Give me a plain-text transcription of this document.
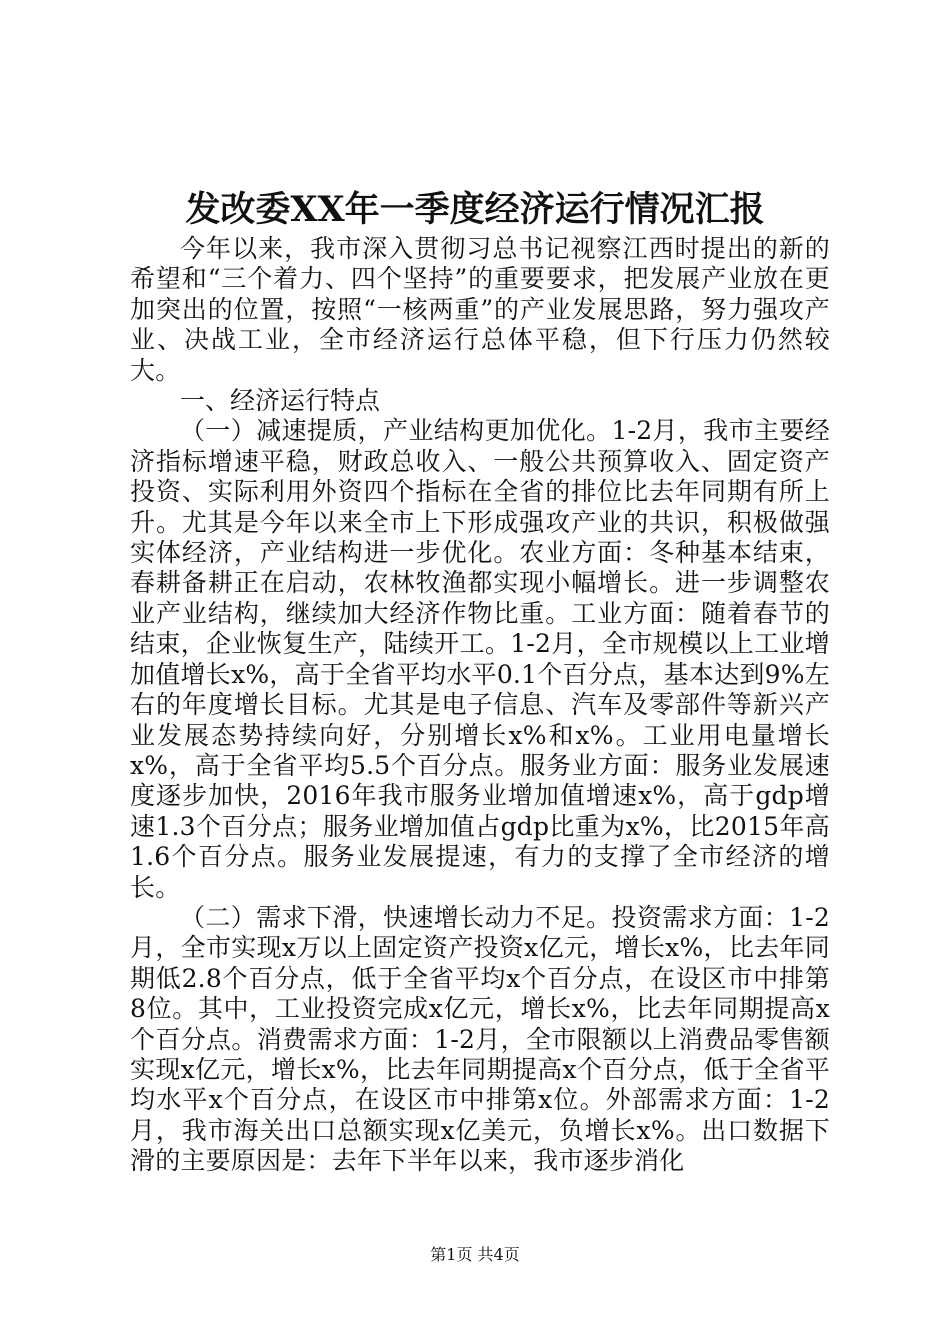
发改委XX年一季度经济运行情况汇报

今年以来，我市深入贯彻习总书记视察江西时提出的新的希望和“三个着力、四个坚持”的重要要求，把发展产业放在更加突出的位置，按照“一核两重”的产业发展思路，努力强攻产业、决战工业，全市经济运行总体平稳，但下行压力仍然较大。

一、经济运行特点

（一）减速提质，产业结构更加优化。1-2月，我市主要经济指标增速平稳，财政总收入、一般公共预算收入、固定资产投资、实际利用外资四个指标在全省的排位比去年同期有所上升。尤其是今年以来全市上下形成强攻产业的共识，积极做强实体经济，产业结构进一步优化。农业方面：冬种基本结束，春耕备耕正在启动，农林牧渔都实现小幅增长。进一步调整农业产业结构，继续加大经济作物比重。工业方面：随着春节的结束，企业恢复生产，陆续开工。1-2月，全市规模以上工业增加值增长x%，高于全省平均水平0.1个百分点，基本达到9%左右的年度增长目标。尤其是电子信息、汽车及零部件等新兴产业发展态势持续向好，分别增长x%和x%。工业用电量增长x%，高于全省平均5.5个百分点。服务业方面：服务业发展速度逐步加快，2016年我市服务业增加值增速x%，高于gdp增速1.3个百分点；服务业增加值占gdp比重为x%，比2015年高1.6个百分点。服务业发展提速，有力的支撑了全市经济的增长。

（二）需求下滑，快速增长动力不足。投资需求方面：1-2月，全市实现x万以上固定资产投资x亿元，增长x%，比去年同期低2.8个百分点，低于全省平均x个百分点，在设区市中排第8位。其中，工业投资完成x亿元，增长x%，比去年同期提高x个百分点。消费需求方面：1-2月，全市限额以上消费品零售额实现x亿元，增长x%，比去年同期提高x个百分点，低于全省平均水平x个百分点，在设区市中排第x位。外部需求方面：1-2月，我市海关出口总额实现x亿美元，负增长x%。出口数据下滑的主要原因是：去年下半年以来，我市逐步消化

第1页 共4页
